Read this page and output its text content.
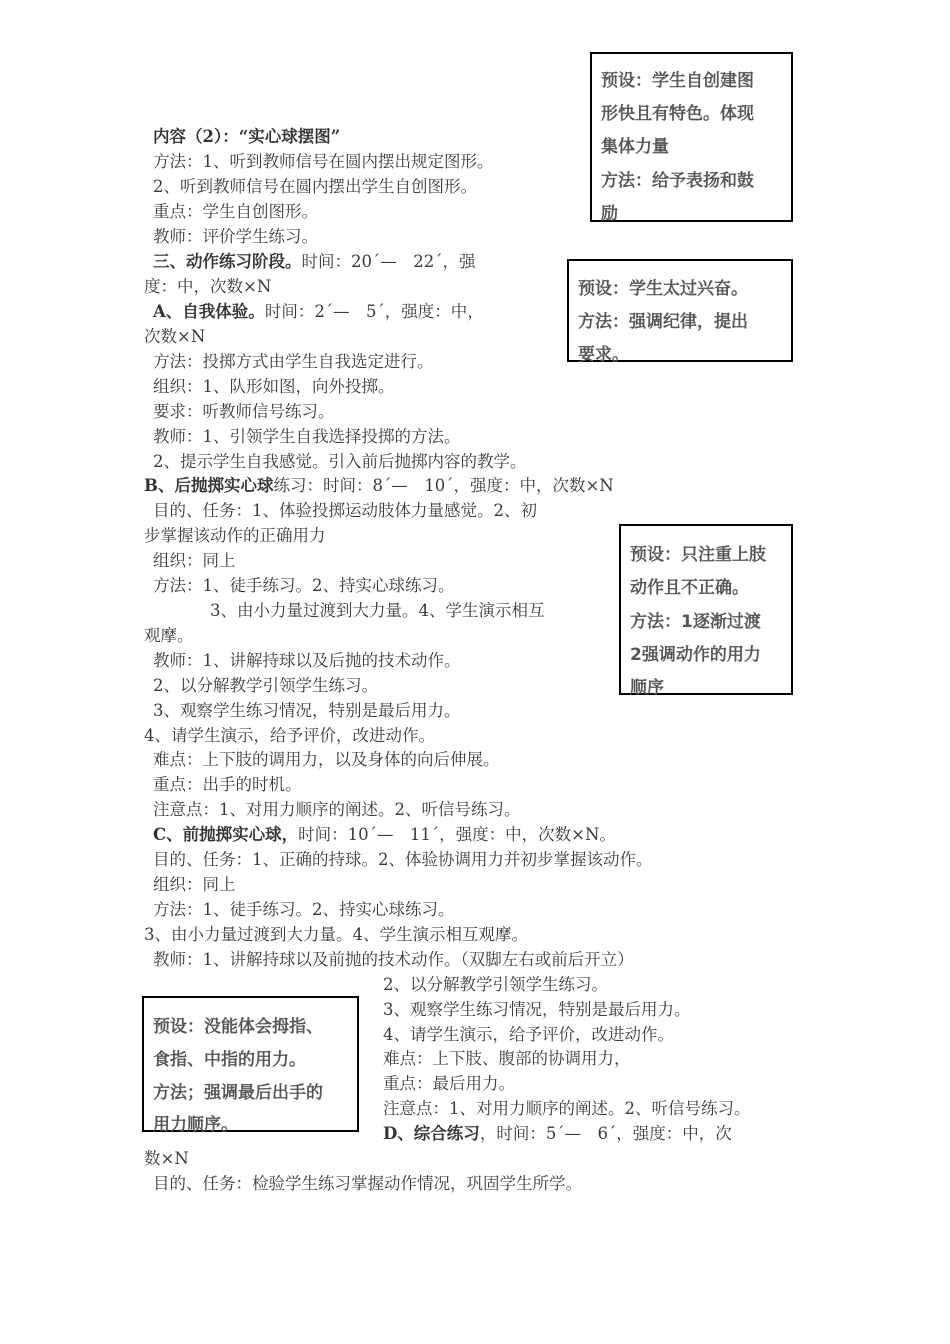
内容（2）：“实心球摆图”
方法：1、听到教师信号在圆内摆出规定图形。
2、听到教师信号在圆内摆出学生自创图形。
重点：学生自创图形。
教师：评价学生练习。
三、动作练习阶段。时间：20´—　22´，强
度：中，次数×N
A、自我体验。时间：2´—　5´，强度：中，
次数×N
方法：投掷方式由学生自我选定进行。
组织：1、队形如图，向外投掷。
要求：听教师信号练习。
教师：1、引领学生自我选择投掷的方法。
2、提示学生自我感觉。引入前后抛掷内容的教学。
B、后抛掷实心球练习：时间：8´—　10´，强度：中，次数×N
目的、任务：1、体验投掷运动肢体力量感觉。2、初
步掌握该动作的正确用力
组织：同上
方法：1、徒手练习。2、持实心球练习。
3、由小力量过渡到大力量。4、学生演示相互
观摩。
教师：1、讲解持球以及后抛的技术动作。
2、以分解教学引领学生练习。
3、观察学生练习情况，特别是最后用力。
4、请学生演示，给予评价，改进动作。
难点：上下肢的调用力，以及身体的向后伸展。
重点：出手的时机。
注意点：1、对用力顺序的阐述。2、听信号练习。
C、前抛掷实心球，时间：10´—　11´，强度：中，次数×N。
目的、任务：1、正确的持球。2、体验协调用力并初步掌握该动作。
组织：同上
方法：1、徒手练习。2、持实心球练习。
3、由小力量过渡到大力量。4、学生演示相互观摩。
教师：1、讲解持球以及前抛的技术动作。（双脚左右或前后开立）
2、以分解教学引领学生练习。
3、观察学生练习情况，特别是最后用力。
4、请学生演示，给予评价，改进动作。
难点：上下肢、腹部的协调用力，
重点：最后用力。
注意点：1、对用力顺序的阐述。2、听信号练习。
D、综合练习，时间：5´—　6´，强度：中，次
数×N
目的、任务：检验学生练习掌握动作情况，巩固学生所学。
预设：学生自创建图
形快且有特色。体现
集体力量
方法：给予表扬和鼓
励
预设：学生太过兴奋。
方法：强调纪律，提出
要求。
预设：只注重上肢
动作且不正确。
方法：1逐渐过渡
2强调动作的用力
顺序
预设：没能体会拇指、
食指、中指的用力。
方法；强调最后出手的
用力顺序。
